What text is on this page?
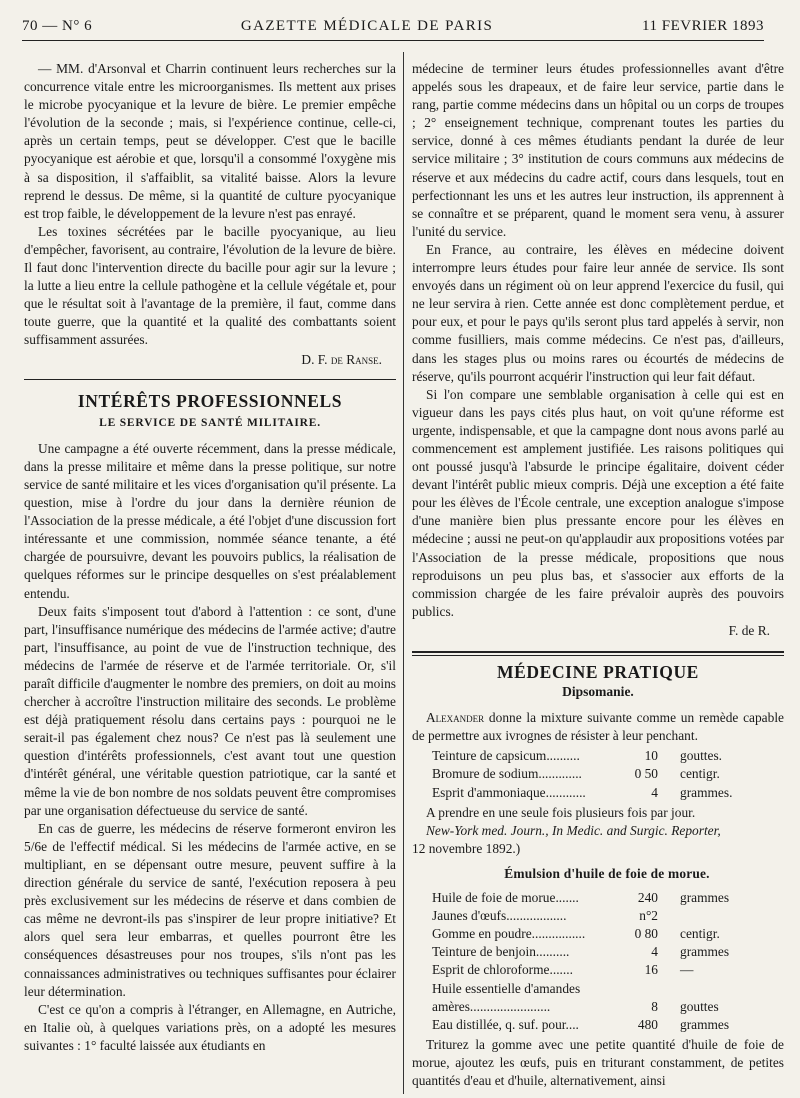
70 — N° 6	GAZETTE MÉDICALE DE PARIS	11 FEVRIER 1893

— MM. d'Arsonval et Charrin continuent leurs recherches sur la concurrence vitale entre les microorganismes. Ils mettent aux prises le microbe pyocyanique et la levure de bière. Le premier empêche l'évolution de la seconde ; mais, si l'expérience continue, celle-ci, après un certain temps, peut se développer. C'est que le bacille pyocyanique est aérobie et que, lorsqu'il a consommé l'oxygène mis à sa disposition, il s'affaiblit, sa vitalité baisse. Alors la levure reprend le dessus. De même, si la quantité de culture pyocyanique est trop faible, le développement de la levure n'est pas enrayé.

Les toxines sécrétées par le bacille pyocyanique, au lieu d'empêcher, favorisent, au contraire, l'évolution de la levure de bière. Il faut donc l'intervention directe du bacille pour agir sur la levure ; la lutte a lieu entre la cellule pathogène et la cellule végétale et, pour que le résultat soit à l'avantage de la première, il faut, comme dans toute guerre, que la quantité et la qualité des combattants soient suffisamment assurées.

D. F. de Ranse.
INTÉRÊTS PROFESSIONNELS
LE SERVICE DE SANTÉ MILITAIRE.

Une campagne a été ouverte récemment, dans la presse médicale, dans la presse militaire et même dans la presse politique, sur notre service de santé militaire et les vices d'organisation qu'il présente. La question, mise à l'ordre du jour dans la dernière réunion de l'Association de la presse médicale, a été l'objet d'une discussion fort intéressante et une commission, nommée séance tenante, a été chargée de poursuivre, devant les pouvoirs publics, la réalisation de quelques réformes sur le principe desquelles on s'est préalablement entendu.

Deux faits s'imposent tout d'abord à l'attention : ce sont, d'une part, l'insuffisance numérique des médecins de l'armée active; d'autre part, l'insuffisance, au point de vue de l'instruction technique, des médecins de l'armée de réserve et de l'armée territoriale. Or, s'il paraît difficile d'augmenter le nombre des premiers, on doit au moins chercher à accroître l'instruction militaire des seconds. Le problème est déjà pratiquement résolu dans certains pays : pourquoi ne le serait-il pas également chez nous? Ce n'est pas là seulement une question d'intérêts professionnels, c'est avant tout une question d'intérêt général, une véritable question patriotique, car la santé et même la vie de bon nombre de nos soldats peuvent être compromises par une organisation défectueuse du service de santé.

En cas de guerre, les médecins de réserve formeront environ les 5/6e de l'effectif médical. Si les médecins de l'armée active, en se multipliant, en se dépensant outre mesure, peuvent suffire à la direction générale du service de santé, l'exécution reposera à peu près exclusivement sur les médecins de réserve et dans combien de cas même ne devront-ils pas s'inspirer de leur propre initiative? Et alors quel sera leur embarras, et quelles pourront être les conséquences désastreuses pour nos troupes, s'ils n'ont pas les connaissances administratives ou techniques suffisantes pour éclairer leur détermination.

C'est ce qu'on a compris à l'étranger, en Allemagne, en Autriche, en Italie où, à quelques variations près, on a adopté les mesures suivantes : 1° faculté laissée aux étudiants en

médecine de terminer leurs études professionnelles avant d'être appelés sous les drapeaux, et de faire leur service, partie dans le rang, partie comme médecins dans un hôpital ou un corps de troupes ; 2° enseignement technique, comprenant toutes les parties du service, donné à ces mêmes étudiants pendant la durée de leur service militaire ; 3° institution de cours communs aux médecins de réserve et aux médecins du cadre actif, cours dans lesquels, tout en perfectionnant les uns et les autres leur instruction, ils apprennent à se connaître et se préparent, quand le moment sera venu, à assurer l'unité du service.

En France, au contraire, les élèves en médecine doivent interrompre leurs études pour faire leur année de service. Ils sont envoyés dans un régiment où on leur apprend l'exercice du fusil, qui ne leur servira à rien. Cette année est donc complètement perdue, et pour eux, et pour le pays qu'ils seront plus tard appelés à servir, non comme fusilliers, mais comme médecins. Ce n'est pas, d'ailleurs, dans les stages plus ou moins rares ou écourtés de médecins de réserve, qu'ils pourront acquérir l'instruction qui leur fait défaut.

Si l'on compare une semblable organisation à celle qui est en vigueur dans les pays cités plus haut, on voit qu'une réforme est urgente, indispensable, et que la campagne dont nous avons parlé au commencement est amplement justifiée. Les raisons politiques qui ont poussé jusqu'à l'absurde le principe égalitaire, doivent céder devant l'intérêt public mieux compris. Déjà une exception a été faite pour les élèves de l'École centrale, une exception analogue s'impose d'une manière bien plus pressante encore pour les élèves en médecine ; aussi ne peut-on qu'applaudir aux propositions votées par l'Association de la presse médicale, propositions que nous reproduisons un peu plus bas, et s'associer aux efforts de la commission chargée de les faire prévaloir auprès des pouvoirs publics.

F. de R.
MÉDECINE PRATIQUE
Dipsomanie.

Alexander donne la mixture suivante comme un remède capable de permettre aux ivrognes de résister à leur penchant.

Teinture de capsicum..........	10	gouttes.
Bromure de sodium.............	0 50	centigr.
Esprit d'ammoniaque............	4	grammes.

A prendre en une seule fois plusieurs fois par jour.

New-York med. Journ., In Medic. and Surgic. Reporter,

12 novembre 1892.)

Émulsion d'huile de foie de morue.
Huile de foie de morue.......	240	grammes
Jaunes d'œufs..................	n°2
Gomme en poudre................	0 80	centigr.
Teinture de benjoin..........	4	grammes
Esprit de chloroforme.......	16	—
Huile essentielle d'amandes
amères........................	8	gouttes
Eau distillée, q. suf. pour....	480	grammes

Triturez la gomme avec une petite quantité d'huile de foie de morue, ajoutez les œufs, puis en triturant constamment, de petites quantités d'eau et d'huile, alternativement, ainsi
